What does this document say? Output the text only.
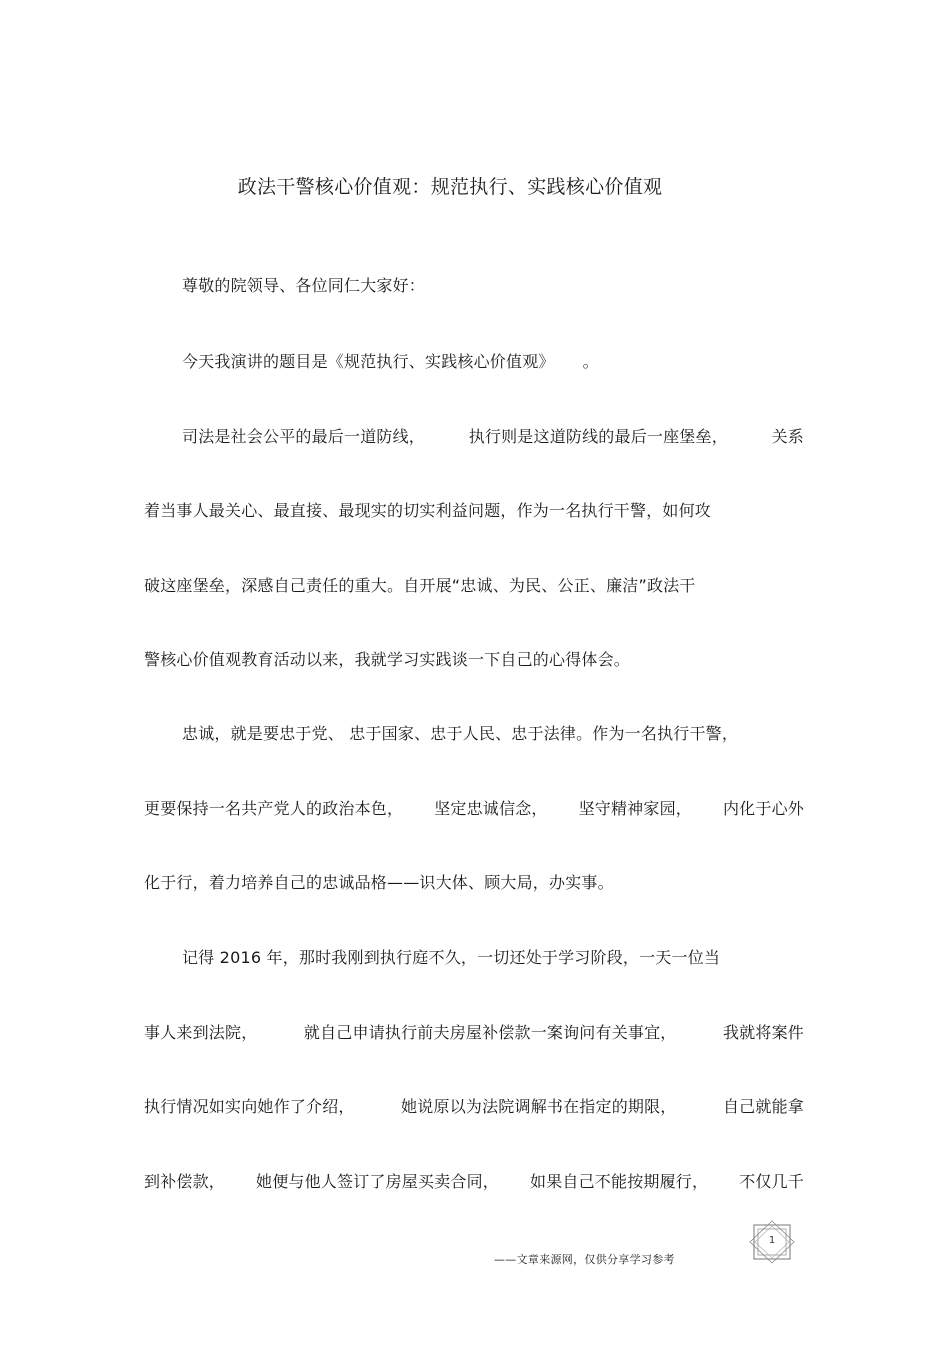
政法干警核心价值观：规范执行、实践核心价值观
尊敬的院领导、各位同仁大家好：
今天我演讲的题目是《规范执行、实践核心价值观》 。
司法是社会公平的最后一道防线，	执行则是这道防线的最后一座堡垒，	关系
着当事人最关心、最直接、最现实的切实利益问题，作为一名执行干警，如何攻
破这座堡垒，深感自己责任的重大。自开展“忠诚、为民、公正、廉洁”政法干
警核心价值观教育活动以来，我就学习实践谈一下自己的心得体会。
忠诚，就是要忠于党、 忠于国家、忠于人民、忠于法律。作为一名执行干警，
更要保持一名共产党人的政治本色， 坚定忠诚信念， 坚守精神家园， 内化于心外
化于行，着力培养自己的忠诚品格——识大体、顾大局，办实事。
记得 2016 年，那时我刚到执行庭不久，一切还处于学习阶段，一天一位当
事人来到法院，	就自己申请执行前夫房屋补偿款一案询问有关事宜，	我就将案件
执行情况如实向她作了介绍，	她说原以为法院调解书在指定的期限，	自己就能拿
到补偿款， 她便与他人签订了房屋买卖合同， 如果自己不能按期履行， 不仅几千
1
——文章来源网，仅供分享学习参考
